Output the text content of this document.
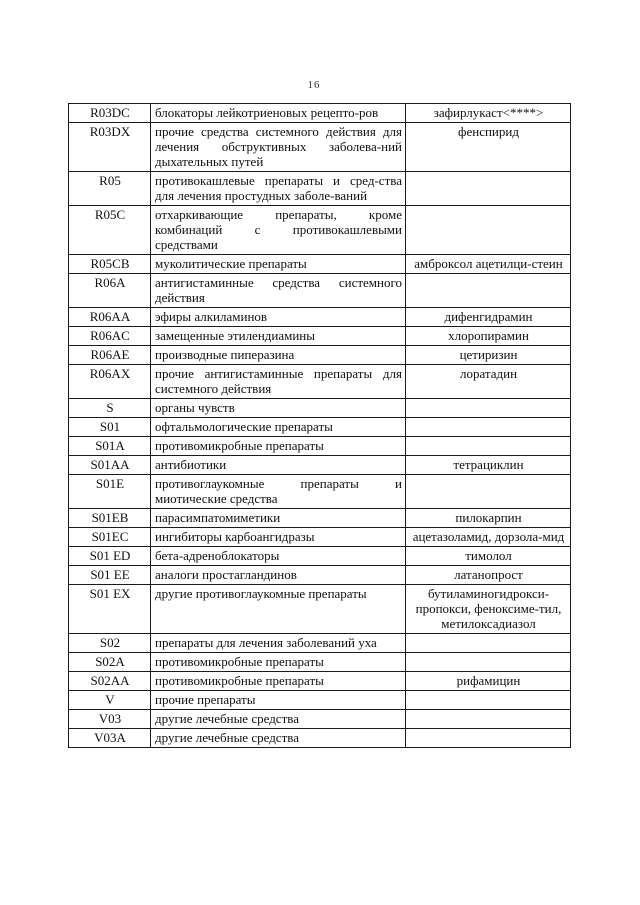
16
R03DC	блокаторы лейкотриеновых рецепто-ров	зафирлукаст<****>
R03DX	прочие средства системного действия для лечения обструктивных заболева-ний дыхательных путей	фенспирид
R05	противокашлевые препараты и сред-ства для лечения простудных заболе-ваний	
R05C	отхаркивающие препараты, кроме комбинаций с противокашлевыми средствами	
R05CB	муколитические препараты	амброксол ацетилци-стеин
R06A	антигистаминные средства системного действия	
R06AA	эфиры алкиламинов	дифенгидрамин
R06AC	замещенные этилендиамины	хлоропирамин
R06AE	производные пиперазина	цетиризин
R06AX	прочие антигистаминные препараты для системного действия	лоратадин
S	органы чувств	
S01	офтальмологические препараты	
S01A	противомикробные препараты	
S01AA	антибиотики	тетрациклин
S01E	противоглаукомные препараты и миотические средства	
S01EB	парасимпатомиметики	пилокарпин
S01EC	ингибиторы карбоангидразы	ацетазоламид, дорзола-мид
S01 ED	бета-адреноблокаторы	тимолол
S01 EE	аналоги простагландинов	латанопрост
S01 EX	другие противоглаукомные препараты	бутиламиногидрокси-пропокси, феноксиме-тил, метилоксадиазол
S02	препараты для лечения заболеваний уха	
S02A	противомикробные препараты	
S02AA	противомикробные препараты	рифамицин
V	прочие препараты	
V03	другие лечебные средства	
V03A	другие лечебные средства	
